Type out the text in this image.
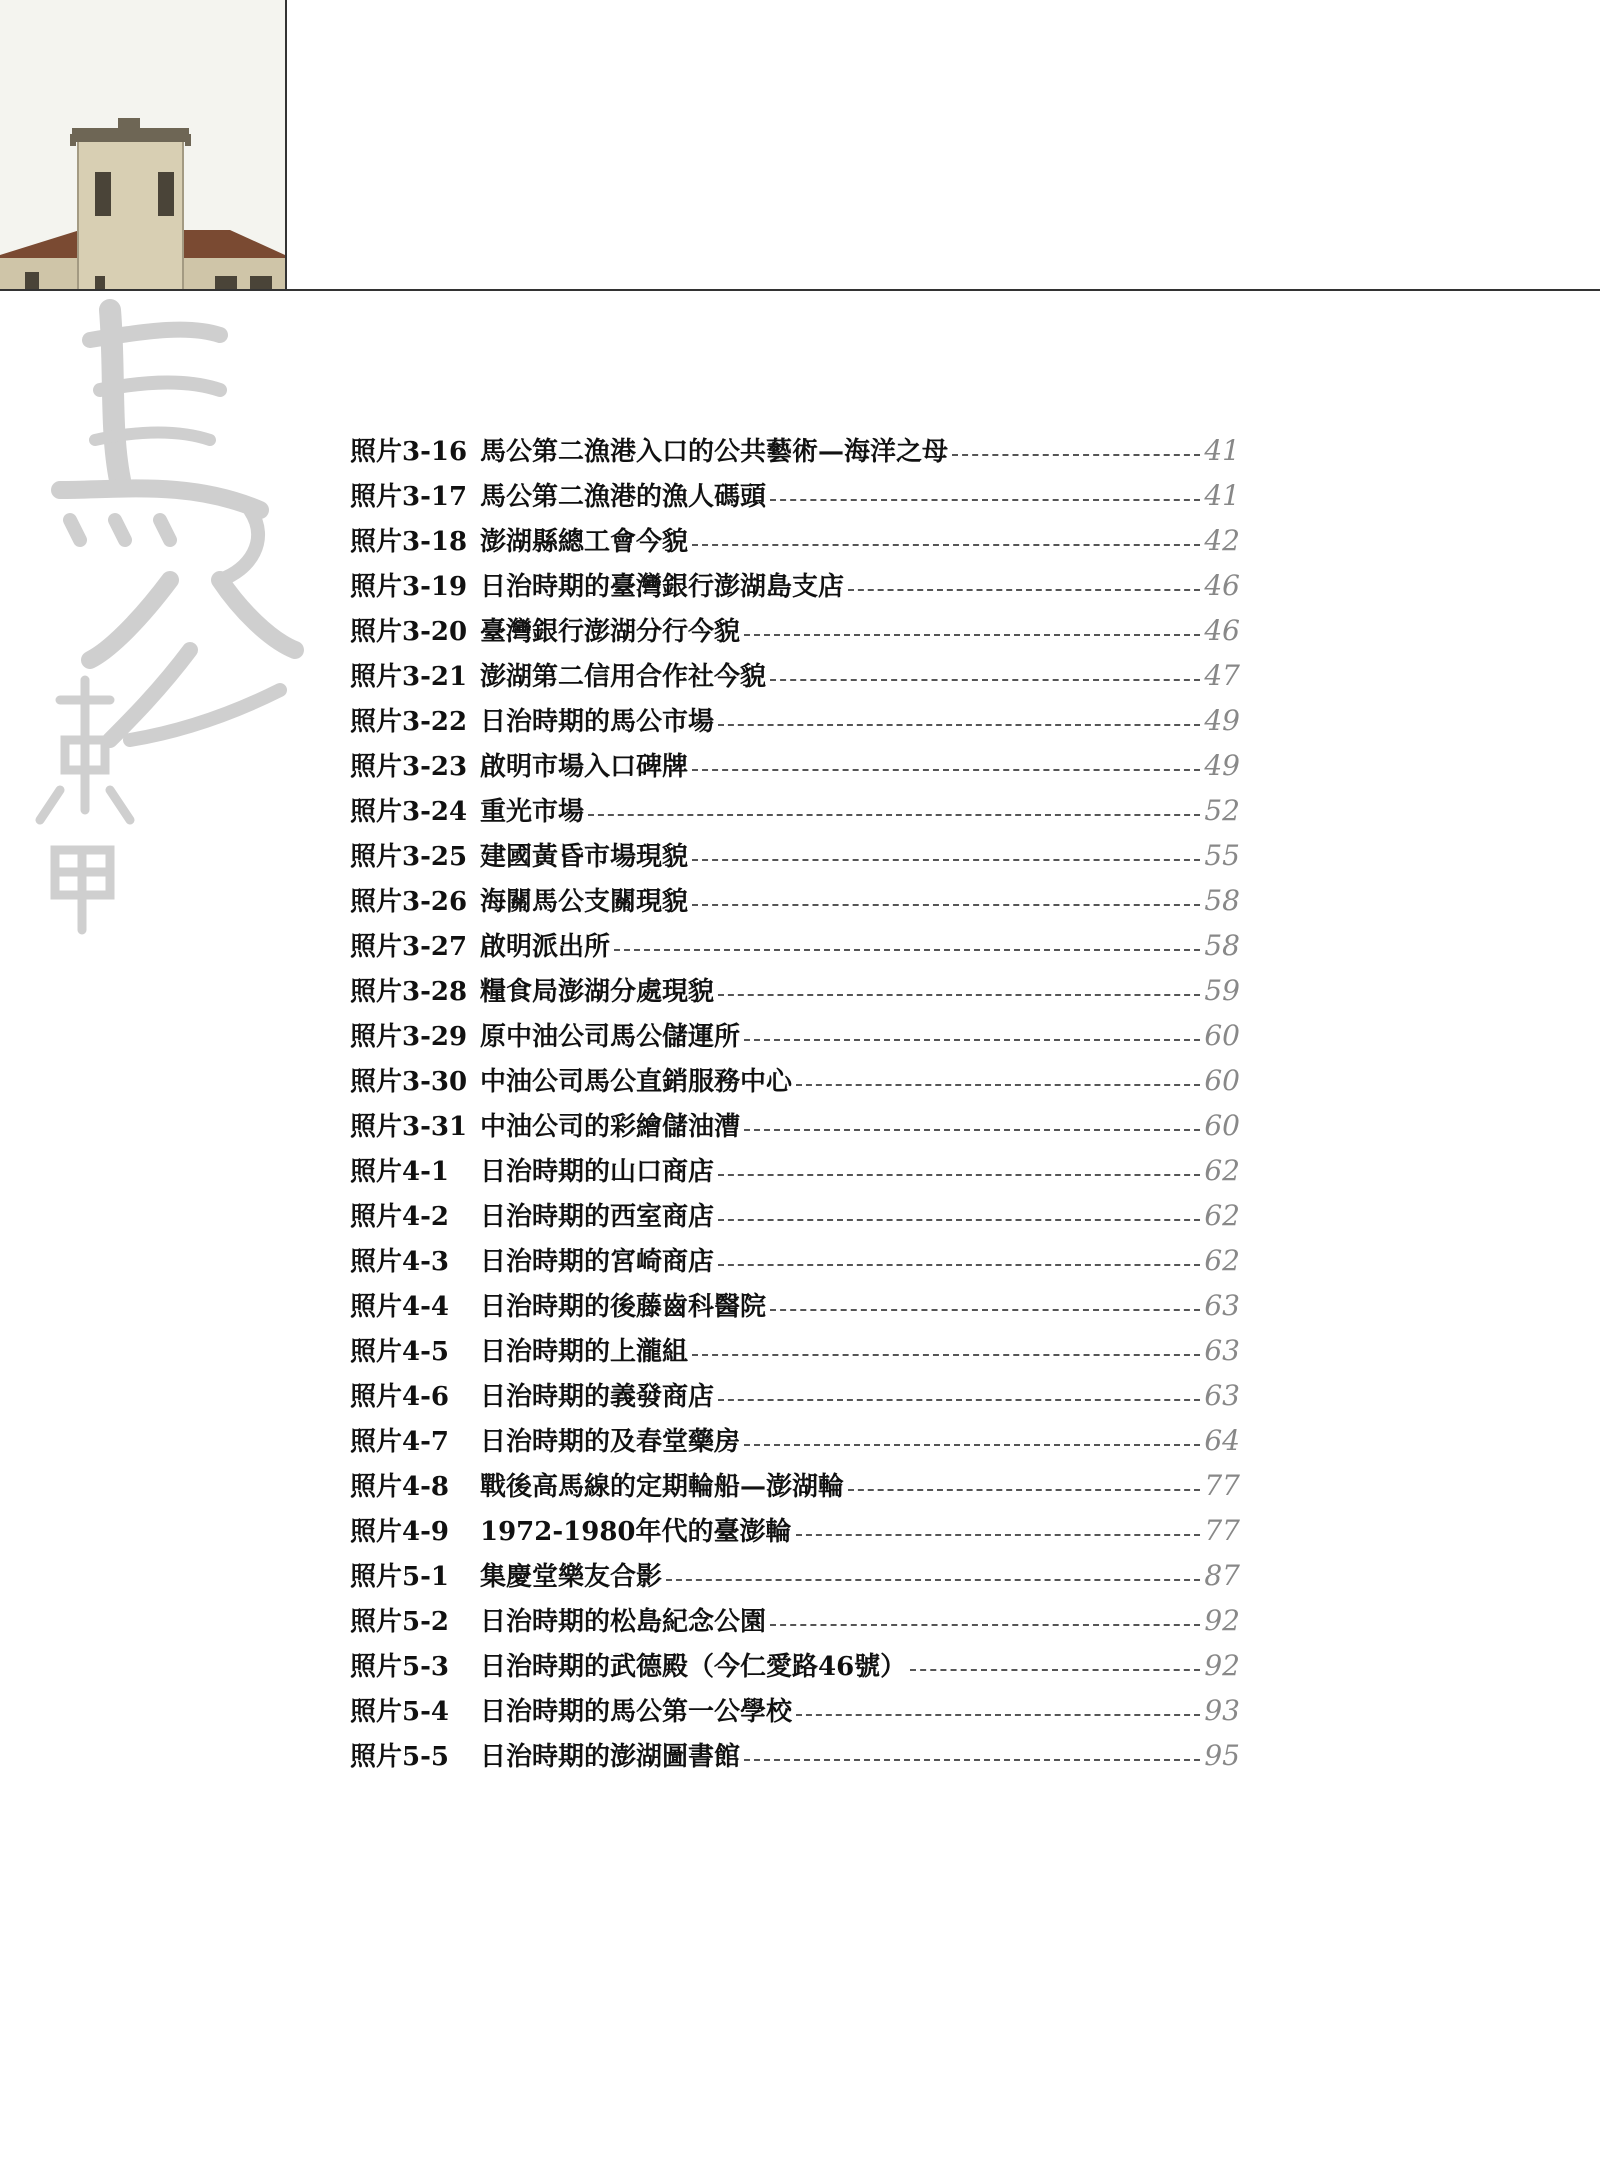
照片3-16 馬公第二漁港入口的公共藝術—海洋之母	41
照片3-17 馬公第二漁港的漁人碼頭	41
照片3-18 澎湖縣總工會今貌	42
照片3-19 日治時期的臺灣銀行澎湖島支店	46
照片3-20 臺灣銀行澎湖分行今貌	46
照片3-21 澎湖第二信用合作社今貌	47
照片3-22 日治時期的馬公市場	49
照片3-23 啟明市場入口碑牌	49
照片3-24 重光市場	52
照片3-25 建國黃昏市場現貌	55
照片3-26 海關馬公支關現貌	58
照片3-27 啟明派出所	58
照片3-28 糧食局澎湖分處現貌	59
照片3-29 原中油公司馬公儲運所	60
照片3-30 中油公司馬公直銷服務中心	60
照片3-31 中油公司的彩繪儲油漕	60
照片4-1	日治時期的山口商店	62
照片4-2	日治時期的西室商店	62
照片4-3	日治時期的宮崎商店	62
照片4-4	日治時期的後藤齒科醫院	63
照片4-5	日治時期的上瀧組	63
照片4-6	日治時期的義發商店	63
照片4-7	日治時期的及春堂藥房	64
照片4-8	戰後高馬線的定期輪船—澎湖輪	77
照片4-9	1972-1980年代的臺澎輪	77
照片5-1	集慶堂樂友合影	87
照片5-2	日治時期的松島紀念公園	92
照片5-3	日治時期的武德殿（今仁愛路46號）	92
照片5-4	日治時期的馬公第一公學校	93
照片5-5	日治時期的澎湖圖書館	95
